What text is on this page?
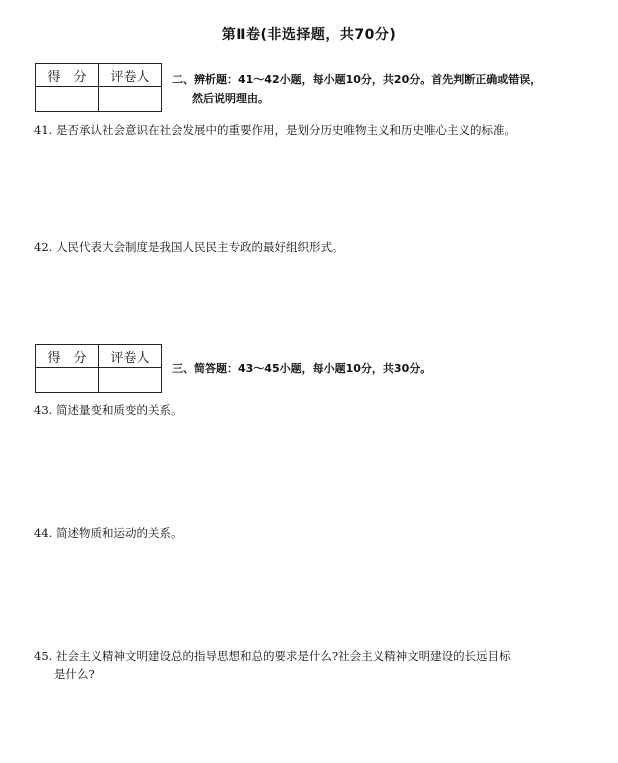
第Ⅱ卷(非选择题，共70分)
得　分	评卷人
	二、辨析题：41～42小题，每小题10分，共20分。首先判断正确或错误，
然后说明理由。
41. 是否承认社会意识在社会发展中的重要作用，是划分历史唯物主义和历史唯心主义的标准。
42. 人民代表大会制度是我国人民民主专政的最好组织形式。
得　分	评卷人

三、简答题：43～45小题，每小题10分，共30分。
43. 简述量变和质变的关系。
44. 简述物质和运动的关系。
45. 社会主义精神文明建设总的指导思想和总的要求是什么?社会主义精神文明建设的长远目标
是什么?
